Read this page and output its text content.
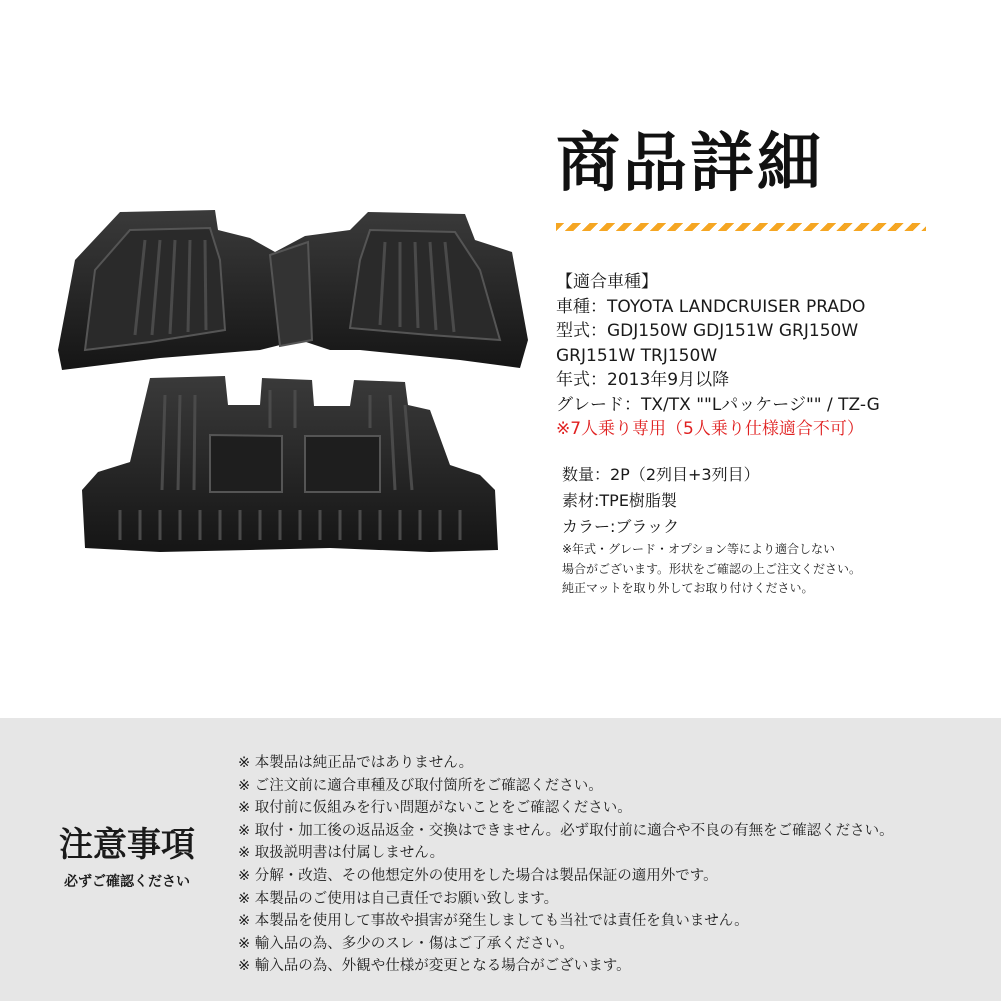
商品詳細
【適合車種】
車種：TOYOTA LANDCRUISER PRADO
型式：GDJ150W GDJ151W GRJ150W
GRJ151W TRJ150W
年式：2013年9月以降
グレード：TX/TX ""Lパッケージ"" / TZ-G
※7人乗り専用（5人乗り仕様適合不可）
数量：2P（2列目+3列目）
素材:TPE樹脂製
カラー:ブラック
※年式・グレード・オプション等により適合しない
場合がございます。形状をご確認の上ご注文ください。
純正マットを取り外してお取り付けください。
注意事項
必ずご確認ください
※ 本製品は純正品ではありません。
※ ご注文前に適合車種及び取付箇所をご確認ください。
※ 取付前に仮組みを行い問題がないことをご確認ください。
※ 取付・加工後の返品返金・交換はできません。必ず取付前に適合や不良の有無をご確認ください。
※ 取扱説明書は付属しません。
※ 分解・改造、その他想定外の使用をした場合は製品保証の適用外です。
※ 本製品のご使用は自己責任でお願い致します。
※ 本製品を使用して事故や損害が発生しましても当社では責任を負いません。
※ 輸入品の為、多少のスレ・傷はご了承ください。
※ 輸入品の為、外観や仕様が変更となる場合がございます。
